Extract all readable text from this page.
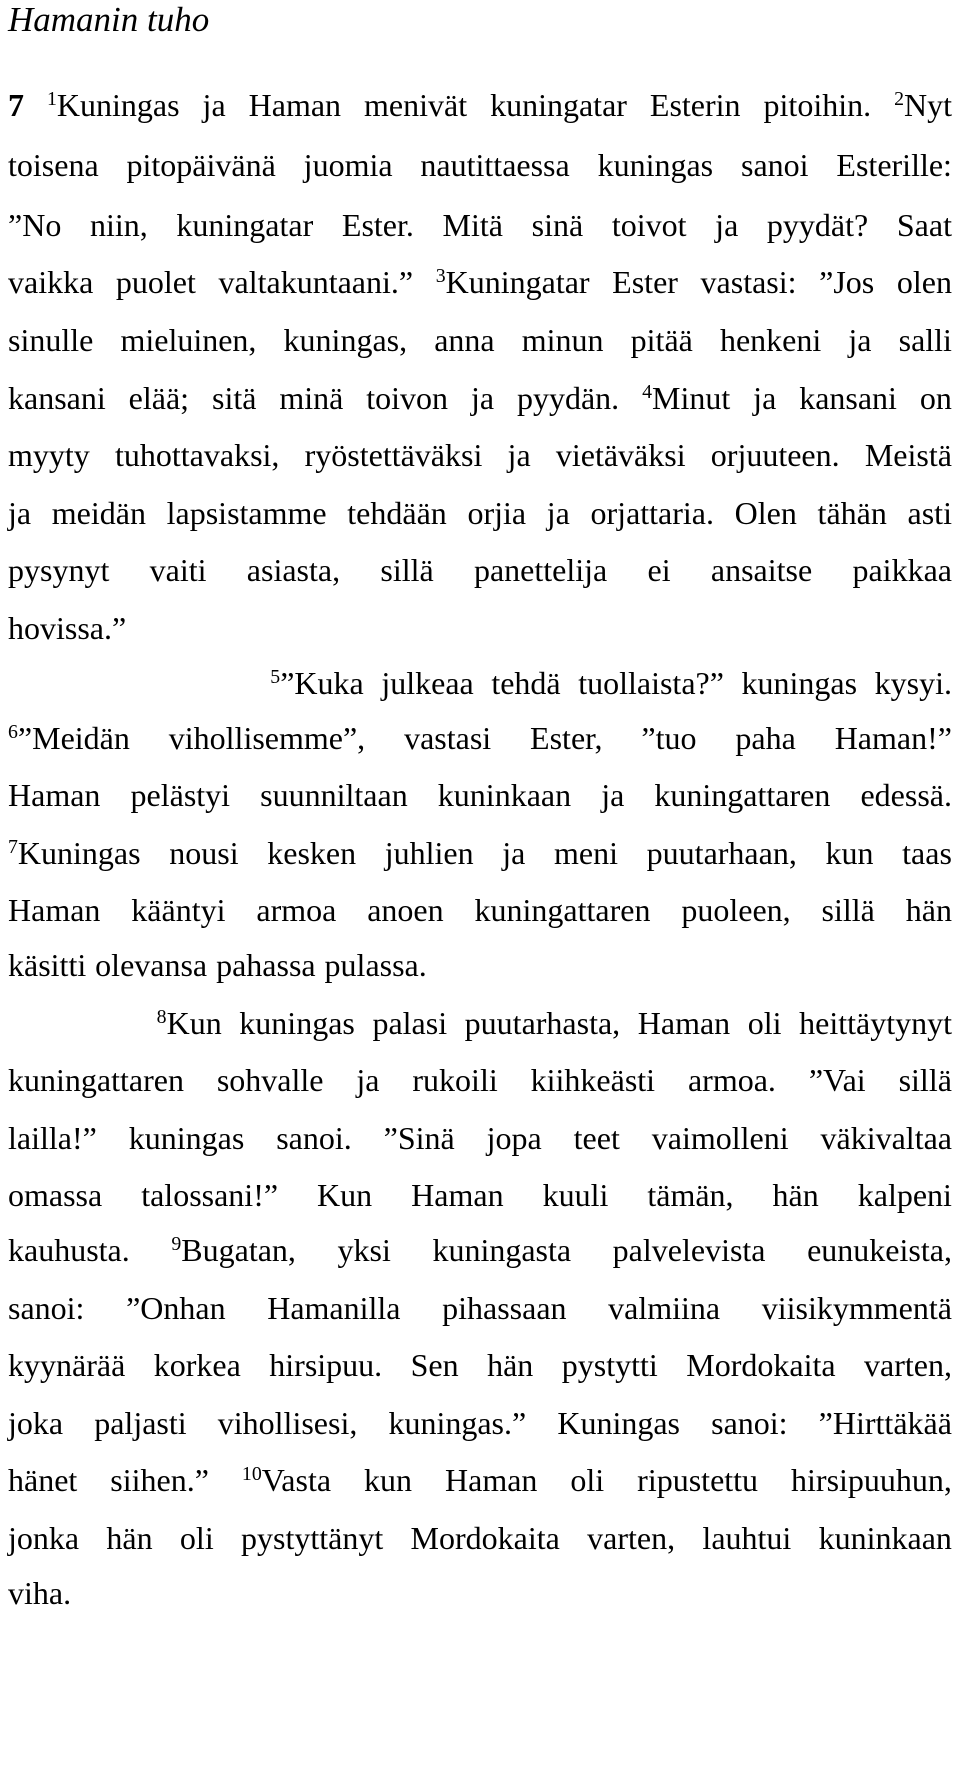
Hamanin tuho
7 $^1$Kuningas ja Haman menivät kuningatar Esterin pitoihin. $^2$Nyt
toisena pitopäivänä juomia nautittaessa kuningas sanoi Esterille:
”No niin, kuningatar Ester. Mitä sinä toivot ja pyydät? Saat
vaikka puolet valtakuntaani.” $^3$Kuningatar Ester vastasi: ”Jos olen
sinulle mieluinen, kuningas, anna minun pitää henkeni ja salli
kansani elää; sitä minä toivon ja pyydän. $^4$Minut ja kansani on
myyty tuhottavaksi, ryöstettäväksi ja vietäväksi orjuuteen. Meistä
ja meidän lapsistamme tehdään orjia ja orjattaria. Olen tähän asti
pysynyt vaiti asiasta, sillä panettelija ei ansaitse paikkaa
hovissa.”
$^5$”Kuka julkeaa tehdä tuollaista?” kuningas kysyi.
$^6$”Meidän vihollisemme”, vastasi Ester, ”tuo paha Haman!”
Haman pelästyi suunniltaan kuninkaan ja kuningattaren edessä.
$^7$Kuningas nousi kesken juhlien ja meni puutarhaan, kun taas
Haman kääntyi armoa anoen kuningattaren puoleen, sillä hän
käsitti olevansa pahassa pulassa.
$^8$Kun kuningas palasi puutarhasta, Haman oli heittäytynyt
kuningattaren sohvalle ja rukoili kiihkeästi armoa. ”Vai sillä
lailla!” kuningas sanoi. ”Sinä jopa teet vaimolleni väkivaltaa
omassa talossani!” Kun Haman kuuli tämän, hän kalpeni
kauhusta. $^9$Bugatan, yksi kuningasta palvelevista eunukeista,
sanoi: ”Onhan Hamanilla pihassaan valmiina viisikymmentä
kyynärää korkea hirsipuu. Sen hän pystytti Mordokaita varten,
joka paljasti vihollisesi, kuningas.” Kuningas sanoi: ”Hirttäkää
hänet siihen.” $^{10}$Vasta kun Haman oli ripustettu hirsipuuhun,
jonka hän oli pystyttänyt Mordokaita varten, lauhtui kuninkaan
viha.
